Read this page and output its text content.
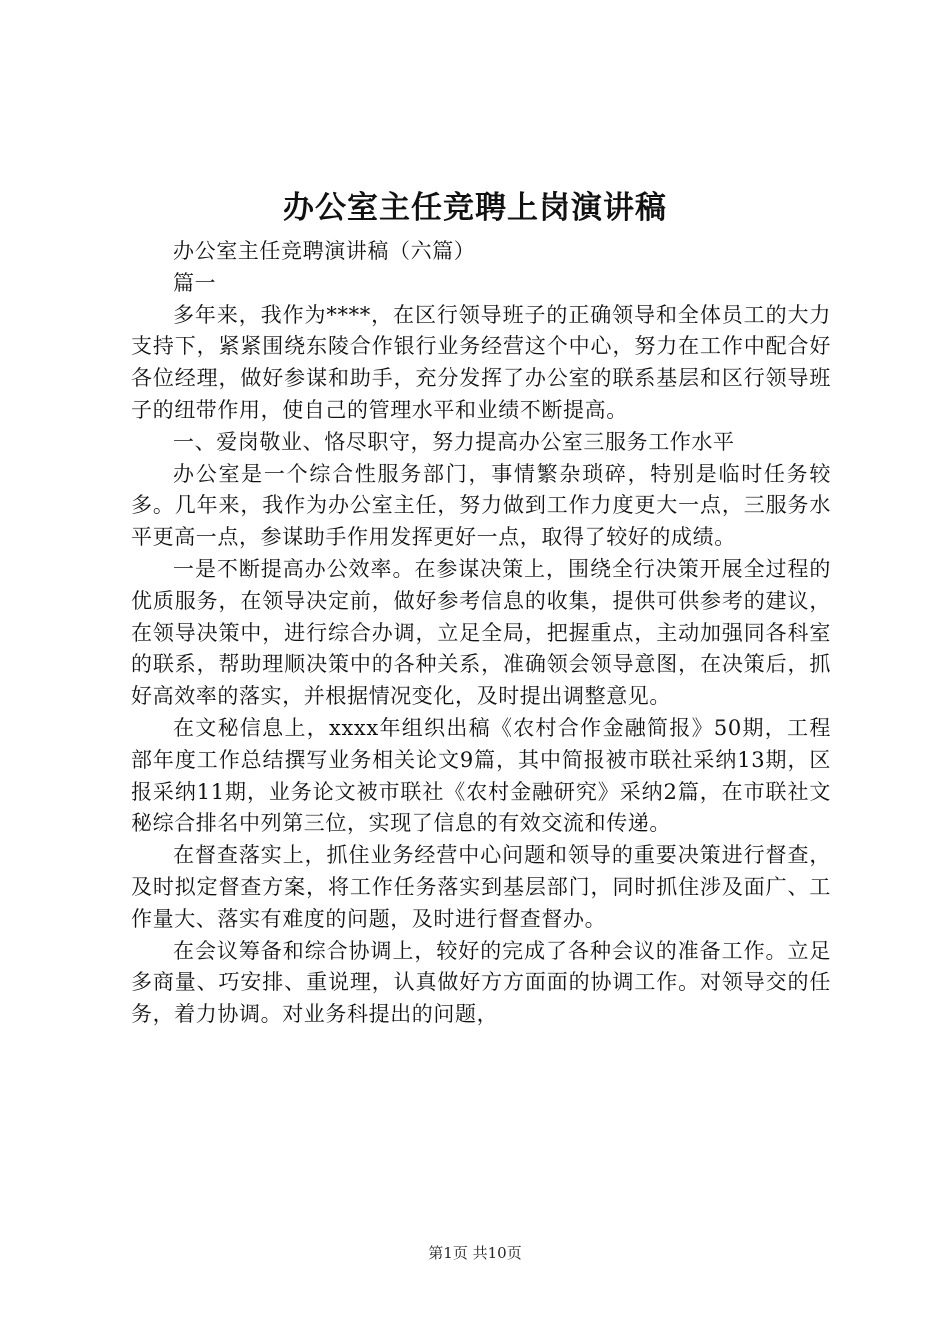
办公室主任竞聘上岗演讲稿

办公室主任竞聘演讲稿（六篇）

篇一

多年来，我作为****，在区行领导班子的正确领导和全体员工的大力支持下，紧紧围绕东陵合作银行业务经营这个中心，努力在工作中配合好各位经理，做好参谋和助手，充分发挥了办公室的联系基层和区行领导班子的纽带作用，使自己的管理水平和业绩不断提高。

一、爱岗敬业、恪尽职守，努力提高办公室三服务工作水平

办公室是一个综合性服务部门，事情繁杂琐碎，特别是临时任务较多。几年来，我作为办公室主任，努力做到工作力度更大一点，三服务水平更高一点，参谋助手作用发挥更好一点，取得了较好的成绩。

一是不断提高办公效率。在参谋决策上，围绕全行决策开展全过程的优质服务，在领导决定前，做好参考信息的收集，提供可供参考的建议，在领导决策中，进行综合办调，立足全局，把握重点，主动加强同各科室的联系，帮助理顺决策中的各种关系，准确领会领导意图，在决策后，抓好高效率的落实，并根据情况变化，及时提出调整意见。

在文秘信息上，xxxx年组织出稿《农村合作金融简报》50期，工程部年度工作总结撰写业务相关论文9篇，其中简报被市联社采纳13期，区报采纳11期，业务论文被市联社《农村金融研究》采纳2篇，在市联社文秘综合排名中列第三位，实现了信息的有效交流和传递。

在督查落实上，抓住业务经营中心问题和领导的重要决策进行督查，及时拟定督查方案，将工作任务落实到基层部门，同时抓住涉及面广、工作量大、落实有难度的问题，及时进行督查督办。

在会议筹备和综合协调上，较好的完成了各种会议的准备工作。立足多商量、巧安排、重说理，认真做好方方面面的协调工作。对领导交的任务，着力协调。对业务科提出的问题，

第1页 共10页
